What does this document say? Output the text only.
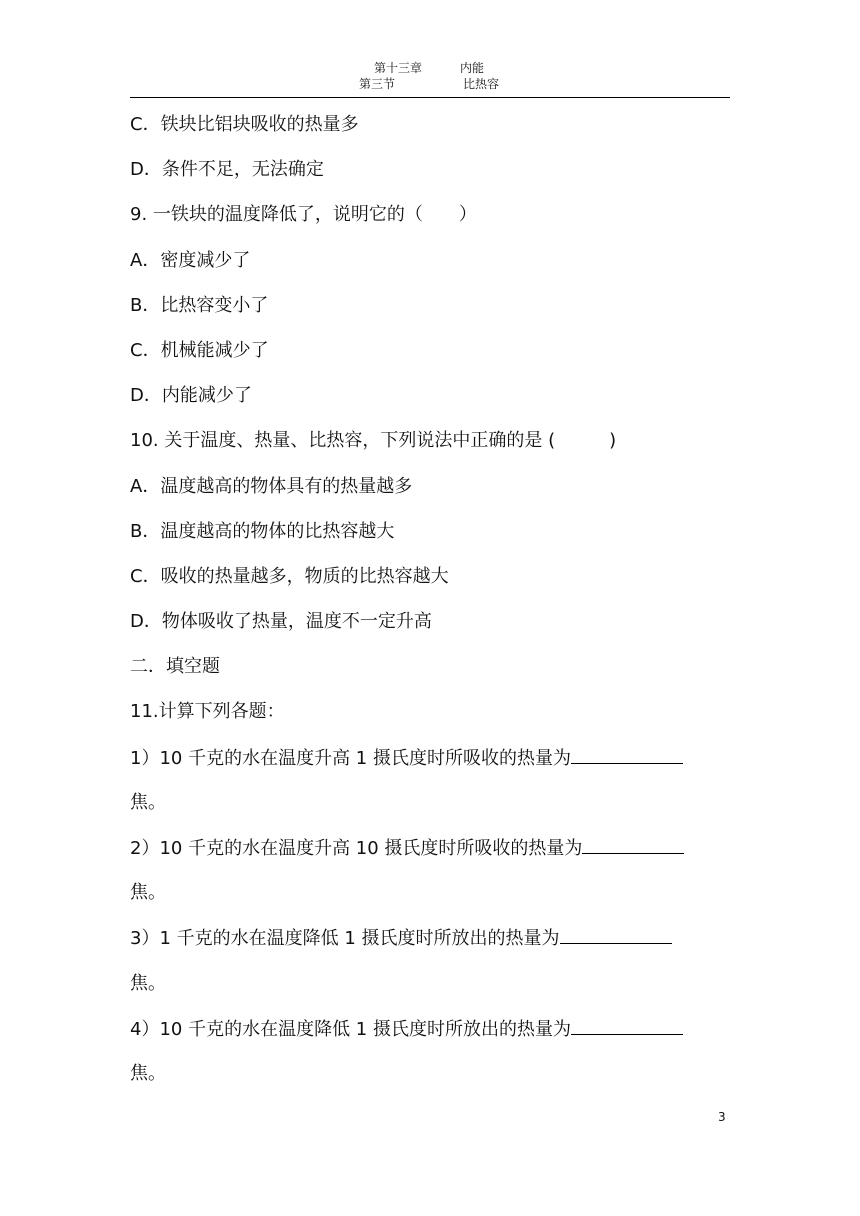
第十三章	内能
第三节	比热容
C．铁块比铝块吸收的热量多
D．条件不足，无法确定
9. 一铁块的温度降低了，说明它的（　　）
A．密度减少了
B．比热容变小了
C．机械能减少了
D．内能减少了
10. 关于温度、热量、比热容，下列说法中正确的是 (　　　)
A．温度越高的物体具有的热量越多
B．温度越高的物体的比热容越大
C．吸收的热量越多，物质的比热容越大
D．物体吸收了热量，温度不一定升高
二．填空题
11.计算下列各题：
1）10 千克的水在温度升高 1 摄氏度时所吸收的热量为
焦。
2）10 千克的水在温度升高 10 摄氏度时所吸收的热量为
焦。
3）1 千克的水在温度降低 1 摄氏度时所放出的热量为
焦。
4）10 千克的水在温度降低 1 摄氏度时所放出的热量为
焦。
3
